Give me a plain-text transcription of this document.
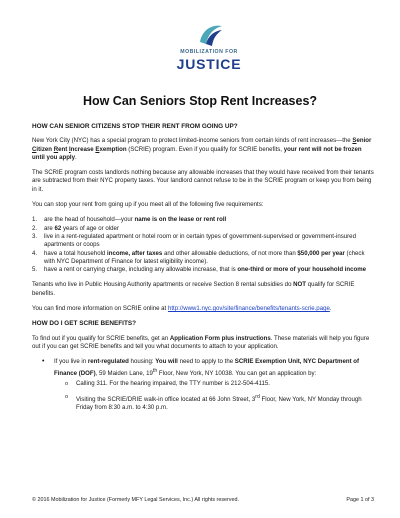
MOBILIZATION FOR
JUSTICE
How Can Seniors Stop Rent Increases?
HOW CAN SENIOR CITIZENS STOP THEIR RENT FROM GOING UP?
New York City (NYC) has a special program to protect limited-income seniors from certain kinds of rent increases—the Senior Citizen Rent Increase Exemption (SCRIE) program. Even if you qualify for SCRIE benefits, your rent will not be frozen until you apply.
The SCRIE program costs landlords nothing because any allowable increases that they would have received from their tenants are subtracted from their NYC property taxes. Your landlord cannot refuse to be in the SCRIE program or keep you from being in it.
You can stop your rent from going up if you meet all of the following five requirements:
1. are the head of household—your name is on the lease or rent roll
2. are 62 years of age or older
3. live in a rent-regulated apartment or hotel room or in certain types of government-supervised or government-insured apartments or coops
4. have a total household income, after taxes and other allowable deductions, of not more than $50,000 per year (check with NYC Department of Finance for latest eligibility income).
5. have a rent or carrying charge, including any allowable increase, that is one-third or more of your household income
Tenants who live in Public Housing Authority apartments or receive Section 8 rental subsidies do NOT qualify for SCRIE benefits.
You can find more information on SCRIE online at http://www1.nyc.gov/site/finance/benefits/tenants-scrie.page.
HOW DO I GET SCRIE BENEFITS?
To find out if you qualify for SCRIE benefits, get an Application Form plus instructions. These materials will help you figure out if you can get SCRIE benefits and tell you what documents to attach to your application.
• If you live in rent-regulated housing: You will need to apply to the SCRIE Exemption Unit, NYC Department of Finance (DOF), 59 Maiden Lane, 19th Floor, New York, NY 10038. You can get an application by:
o Calling 311. For the hearing impaired, the TTY number is 212-504-4115.
o Visiting the SCRIE/DRIE walk-in office located at 66 John Street, 3rd Floor, New York, NY Monday through Friday from 8:30 a.m. to 4:30 p.m.
© 2016 Mobilization for Justice (Formerly MFY Legal Services, Inc.) All rights reserved.	Page 1 of 3
